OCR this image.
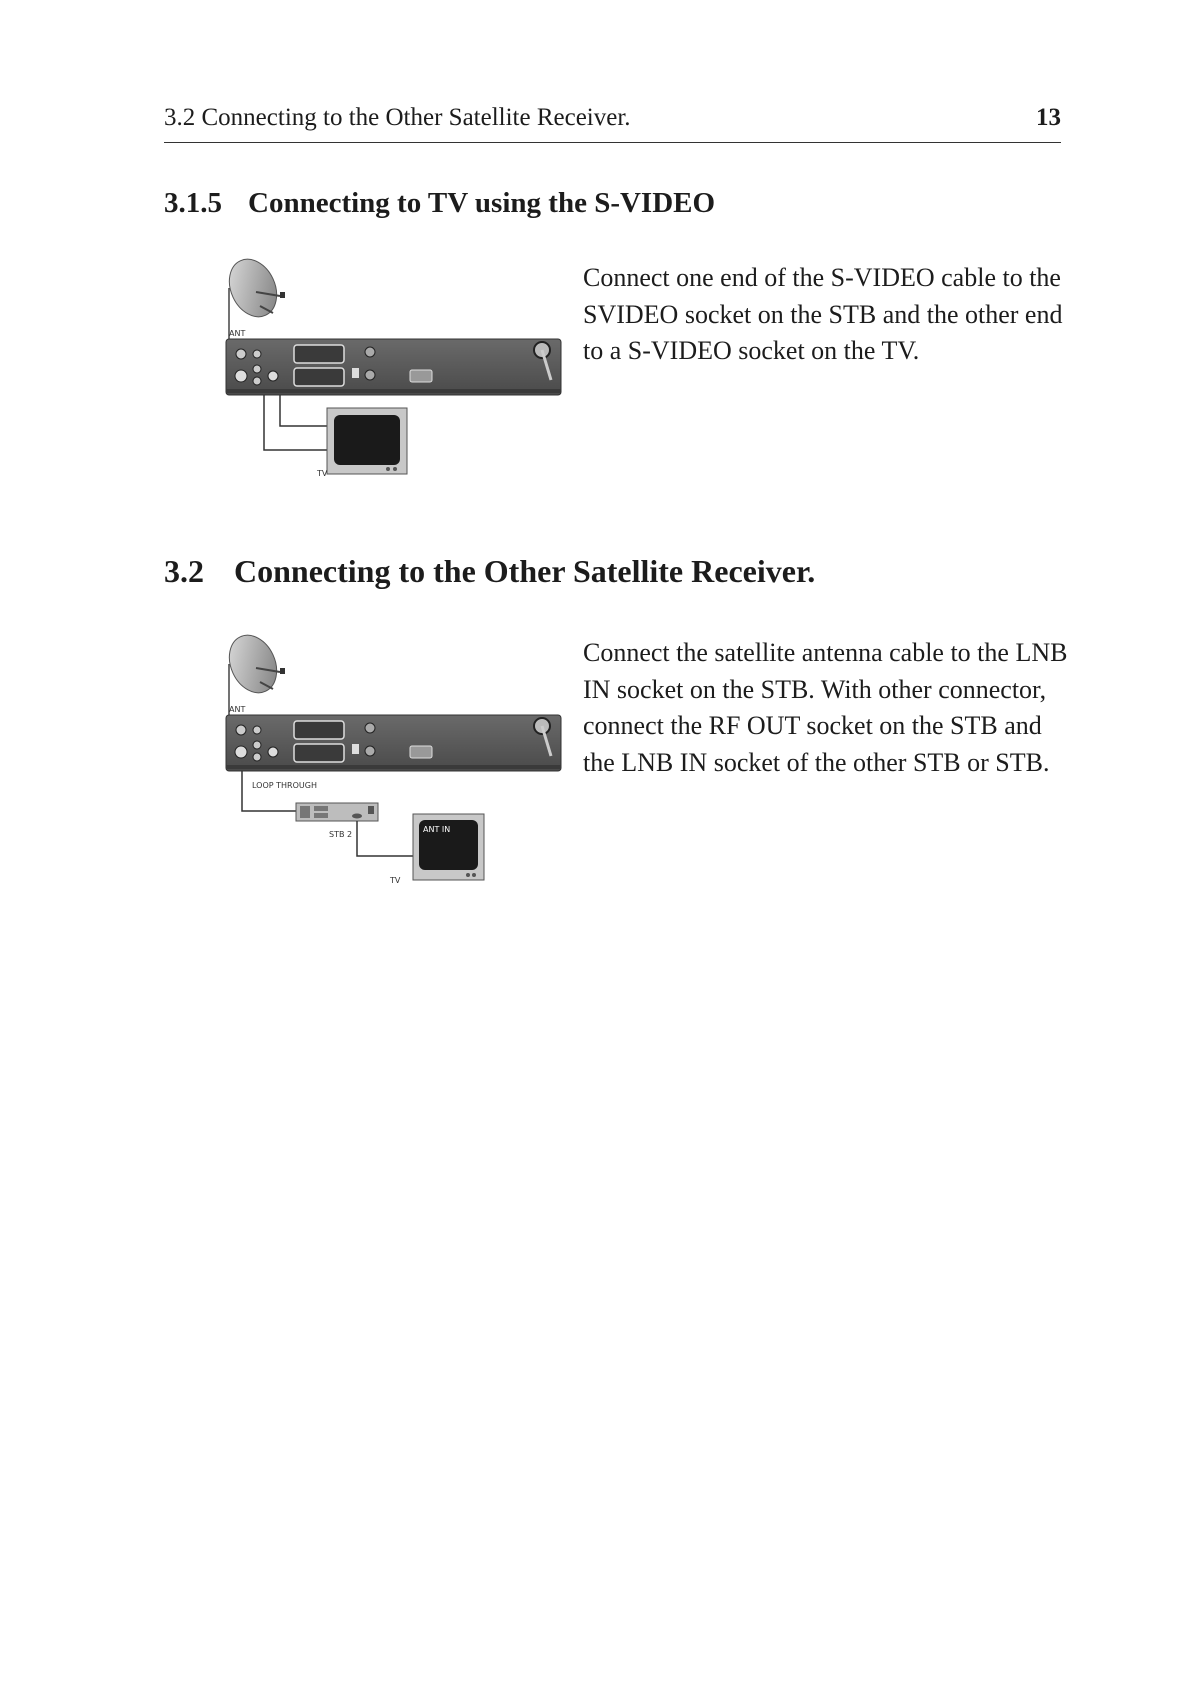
3.2 Connecting to the Other Satellite Receiver.	13
3.1.5 Connecting to TV using the S-VIDEO
ANT
TV
Connect one end of the S-VIDEO cable to the SVIDEO socket on the STB and the other end to a S-VIDEO socket on the TV.
3.2 Connecting to the Other Satellite Receiver.
ANT
LOOP THROUGH
STB 2
ANT IN
TV
Connect the satellite antenna cable to the LNB IN socket on the STB. With other connector, connect the RF OUT socket on the STB and the LNB IN socket of the other STB or STB.
